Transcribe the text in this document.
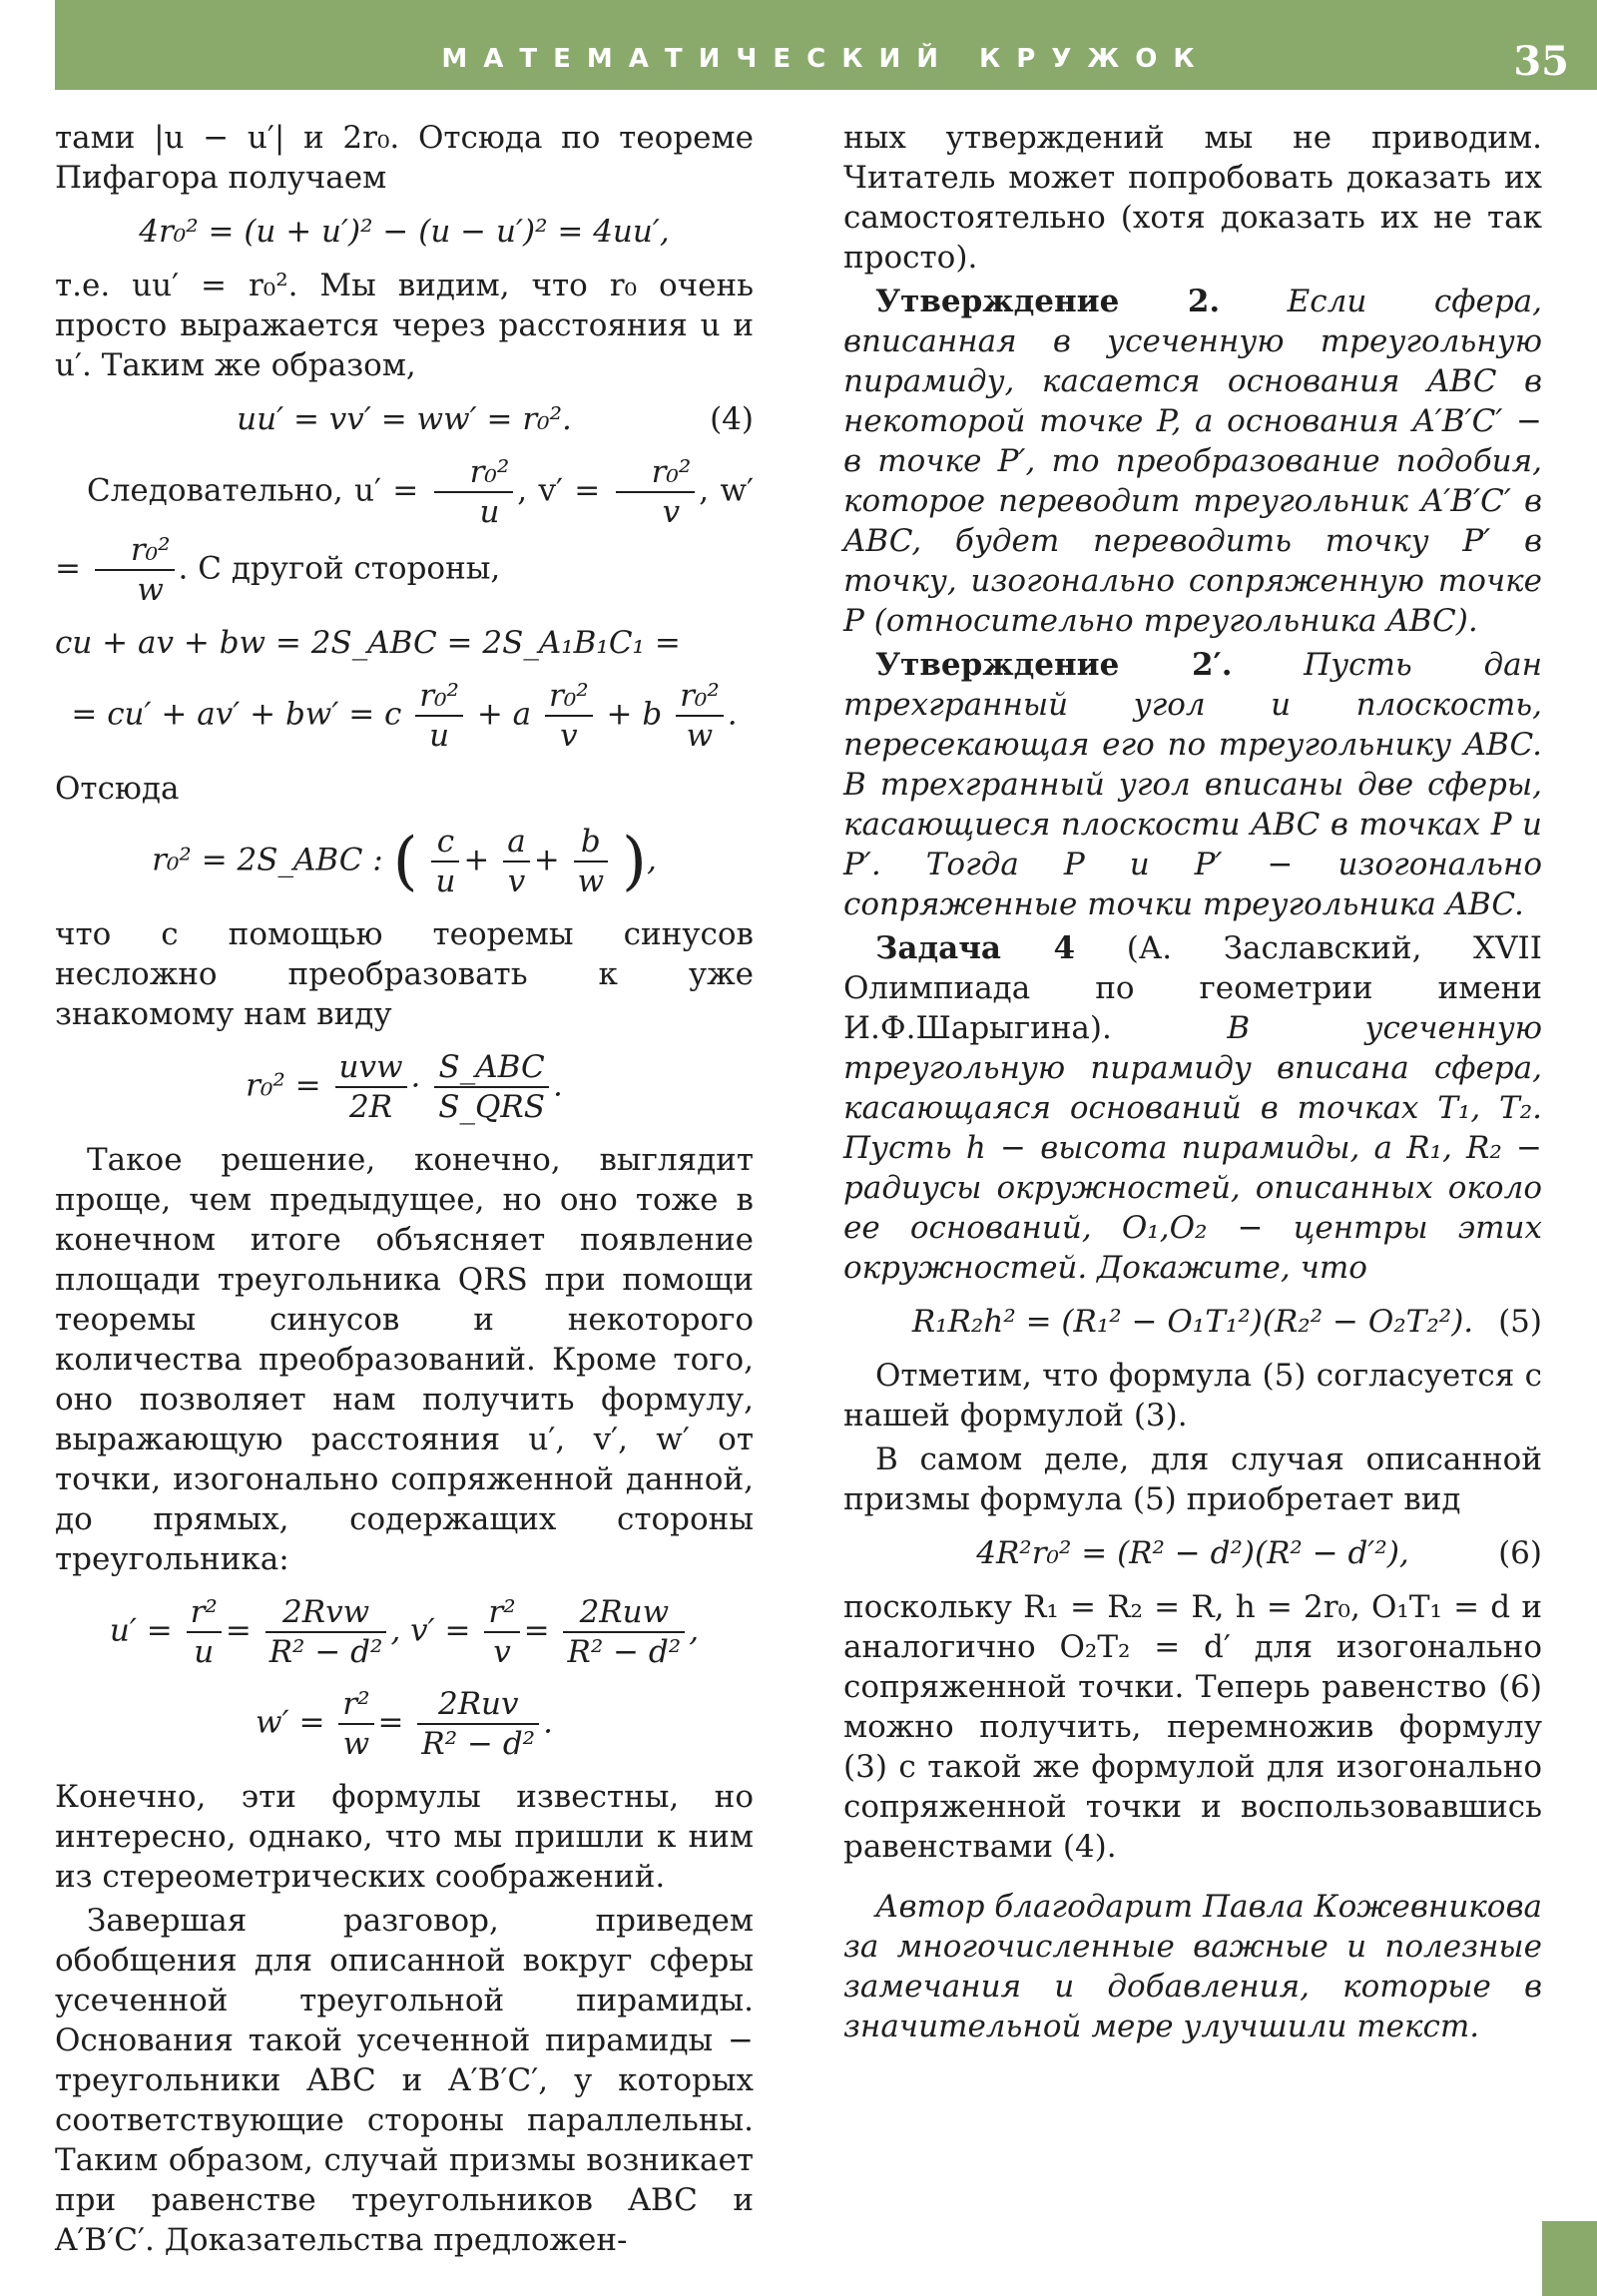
МАТЕМАТИЧЕСКИЙ КРУЖОК	35

тами |u − u′| и 2r₀. Отсюда по теореме Пифагора получаем

4r₀² = (u + u′)² − (u − u′)² = 4uu′,

т.е. uu′ = r₀². Мы видим, что r₀ очень просто выражается через расстояния u и u′. Таким же образом,

uu′ = vv′ = ww′ = r₀².	(4)

Следовательно, $u' = \frac{\text{r₀²}}{u}$ , $v' = \frac{\text{r₀²}}{v}$ , $w' = \frac{\text{r₀²}}{w}$ . С другой стороны,

cu + av + bw = 2S_ABC = 2S_A₁B₁C₁ =
= cu′ + av′ + bw′ = c $\frac{\text{r₀²}}{u} + a \frac{\text{r₀²}}{v} + b \frac{\text{r₀²}}{w}$ .

Отсюда

r₀² = 2S_ABC : ( $\frac{c}{u} + \frac{a}{v} + \frac{b}{w}$ ),

что с помощью теоремы синусов несложно преобразовать к уже знакомому нам виду

$r_0^2 = \frac{\text{uvw}}{2R} \cdot \frac{\text{S\_ABC}}{\text{S\_QRS}}$ .

Такое решение, конечно, выглядит проще, чем предыдущее, но оно тоже в конечном итоге объясняет появление площади треугольника QRS при помощи теоремы синусов и некоторого количества преобразований. Кроме того, оно позволяет нам получить формулу, выражающую расстояния u′, v′, w′ от точки, изогонально сопряженной данной, до прямых, содержащих стороны треугольника:

$u' = \frac{\text{r²}}{u} = \frac{\text{2Rvw}}{\text{R² − d²}}$ , $v' = \frac{\text{r²}}{v} = \frac{\text{2Ruw}}{\text{R² − d²}}$ ,
$w' = \frac{\text{r²}}{w} = \frac{\text{2Ruv}}{\text{R² − d²}}$ .

Конечно, эти формулы известны, но интересно, однако, что мы пришли к ним из стереометрических соображений.

Завершая разговор, приведем обобщения для описанной вокруг сферы усеченной треугольной пирамиды. Основания такой усеченной пирамиды − треугольники ABC и A′B′C′, у которых соответствующие стороны параллельны. Таким образом, случай призмы возникает при равенстве треугольников ABC и A′B′C′. Доказательства предложен-

ных утверждений мы не приводим. Читатель может попробовать доказать их самостоятельно (хотя доказать их не так просто).

Утверждение 2. Если сфера, вписанная в усеченную треугольную пирамиду, касается основания ABC в некоторой точке P, а основания A′B′C′ − в точке P′, то преобразование подобия, которое переводит треугольник A′B′C′ в ABC, будет переводить точку P′ в точку, изогонально сопряженную точке P (относительно треугольника ABC).

Утверждение 2′. Пусть дан трехгранный угол и плоскость, пересекающая его по треугольнику ABC. В трехгранный угол вписаны две сферы, касающиеся плоскости ABC в точках P и P′. Тогда P и P′ − изогонально сопряженные точки треугольника ABC.

Задача 4 (А. Заславский, XVII Олимпиада по геометрии имени И.Ф.Шарыгина).	В усеченную треугольную пирамиду вписана сфера, касающаяся оснований в точках T₁, T₂. Пусть h − высота пирамиды, а R₁, R₂ − радиусы окружностей, описанных около ее оснований, O₁,O₂ − центры этих окружностей. Докажите, что

R₁R₂h² = (R₁² − O₁T₁²)(R₂² − O₂T₂²). (5)

Отметим, что формула (5) согласуется с нашей формулой (3).

В самом деле, для случая описанной призмы формула (5) приобретает вид

4R²r₀² = (R² − d²)(R² − d′²),	(6)

поскольку R₁ = R₂ = R, h = 2r₀, O₁T₁ = d и аналогично O₂T₂ = d′ для изогонально сопряженной точки. Теперь равенство (6) можно получить, перемножив формулу (3) с такой же формулой для изогонально сопряженной точки и воспользовавшись равенствами (4).

Автор благодарит Павла Кожевникова за многочисленные важные и полезные замечания и добавления, которые в значительной мере улучшили текст.
